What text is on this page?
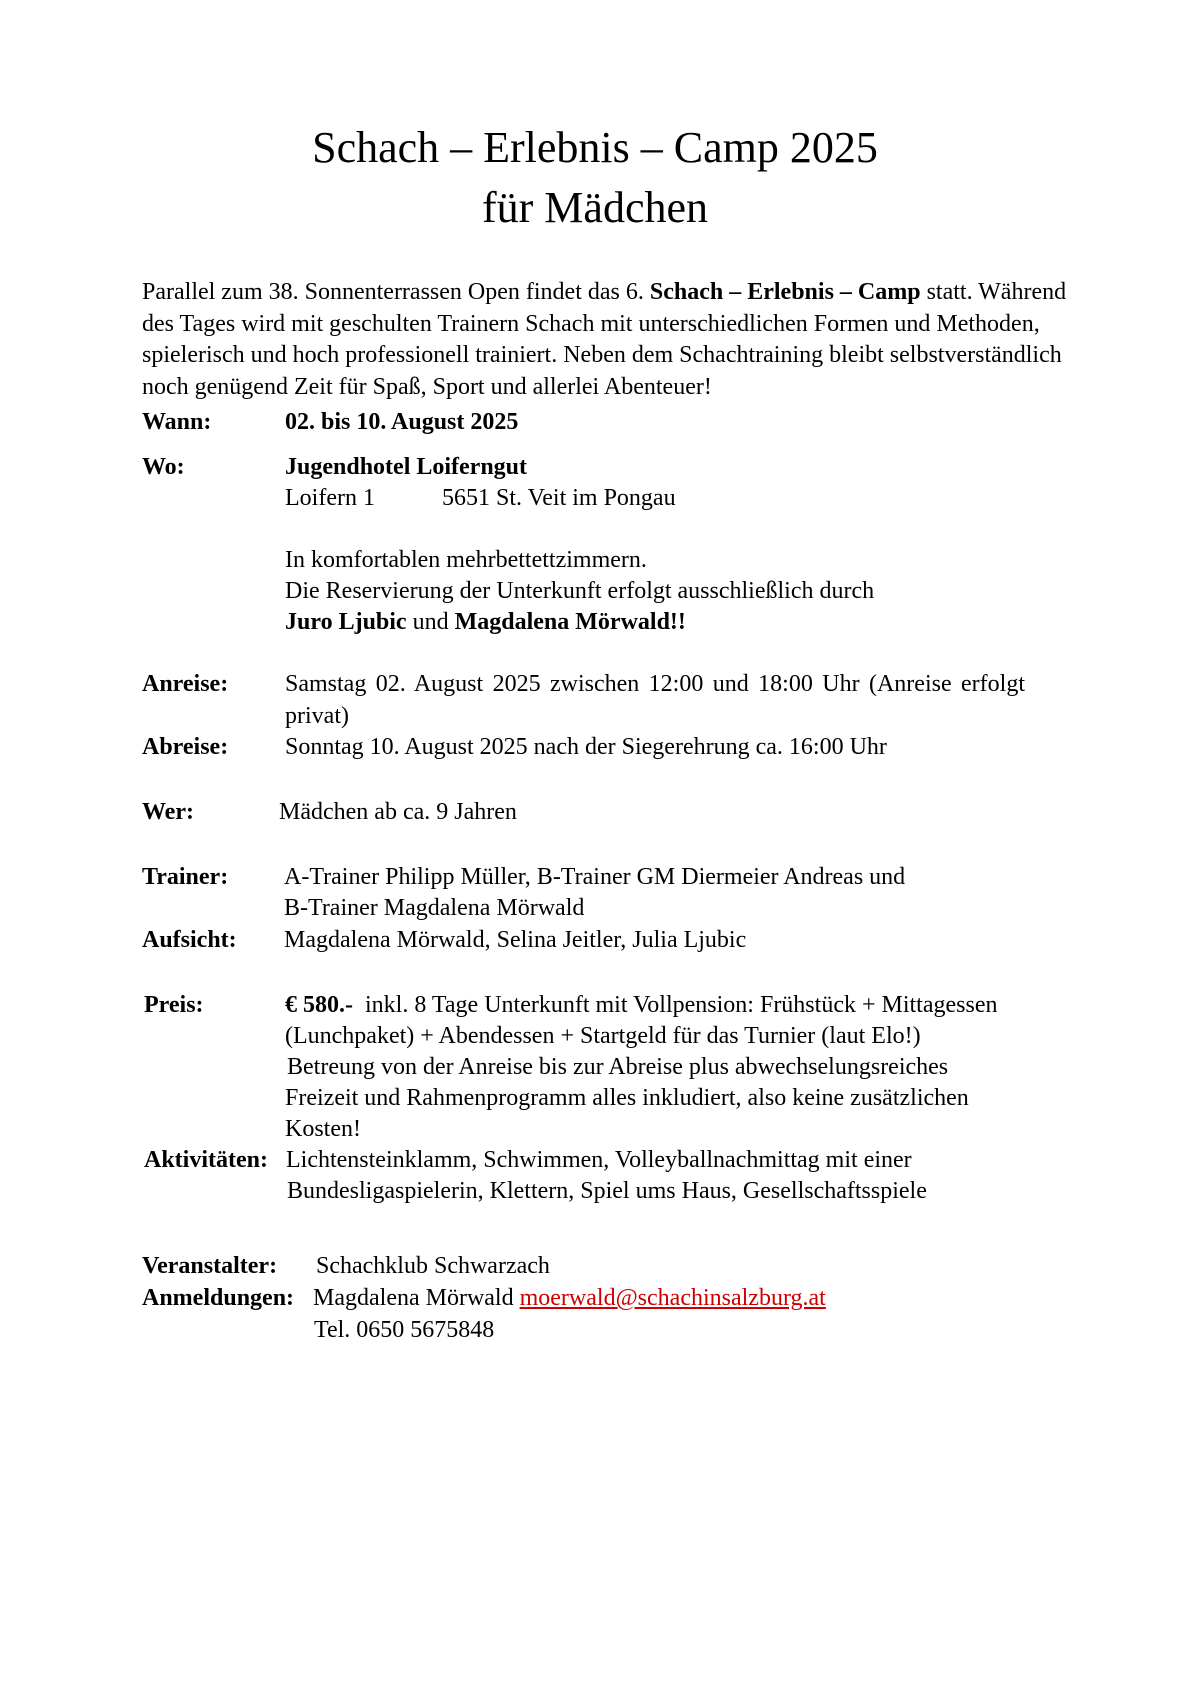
Schach – Erlebnis – Camp 2025
für Mädchen
Parallel zum 38. Sonnenterrassen Open findet das 6. Schach – Erlebnis – Camp statt. Während des Tages wird mit geschulten Trainern Schach mit unterschiedlichen Formen und Methoden, spielerisch und hoch professionell trainiert. Neben dem Schachtraining bleibt selbstverständlich noch genügend Zeit für Spaß, Sport und allerlei Abenteuer!
Wann:	02. bis 10. August 2025
Wo:	Jugendhotel Loiferngut
Loifern 1	5651 St. Veit im Pongau
In komfortablen mehrbettettzimmern.
Die Reservierung der Unterkunft erfolgt ausschließlich durch
Juro Ljubic und Magdalena Mörwald!!
Anreise: Samstag 02. August 2025 zwischen 12:00 und 18:00 Uhr (Anreise erfolgt privat)
Abreise: Sonntag 10. August 2025 nach der Siegerehrung ca. 16:00 Uhr
Wer:	Mädchen ab ca. 9 Jahren
Trainer: A-Trainer Philipp Müller, B-Trainer GM Diermeier Andreas und
B-Trainer Magdalena Mörwald
Aufsicht: Magdalena Mörwald, Selina Jeitler, Julia Ljubic
Preis:	€ 580.-  inkl. 8 Tage Unterkunft mit Vollpension: Frühstück + Mittagessen
(Lunchpaket) + Abendessen + Startgeld für das Turnier (laut Elo!)
Betreung von der Anreise bis zur Abreise plus abwechselungsreiches
Freizeit und Rahmenprogramm alles inkludiert, also keine zusätzlichen
Kosten!
Aktivitäten: Lichtensteinklamm, Schwimmen, Volleyballnachmittag mit einer
Bundesligaspielerin, Klettern, Spiel ums Haus, Gesellschaftsspiele
Veranstalter: Schachklub Schwarzach
Anmeldungen: Magdalena Mörwald moerwald@schachinsalzburg.at
Tel. 0650 5675848
